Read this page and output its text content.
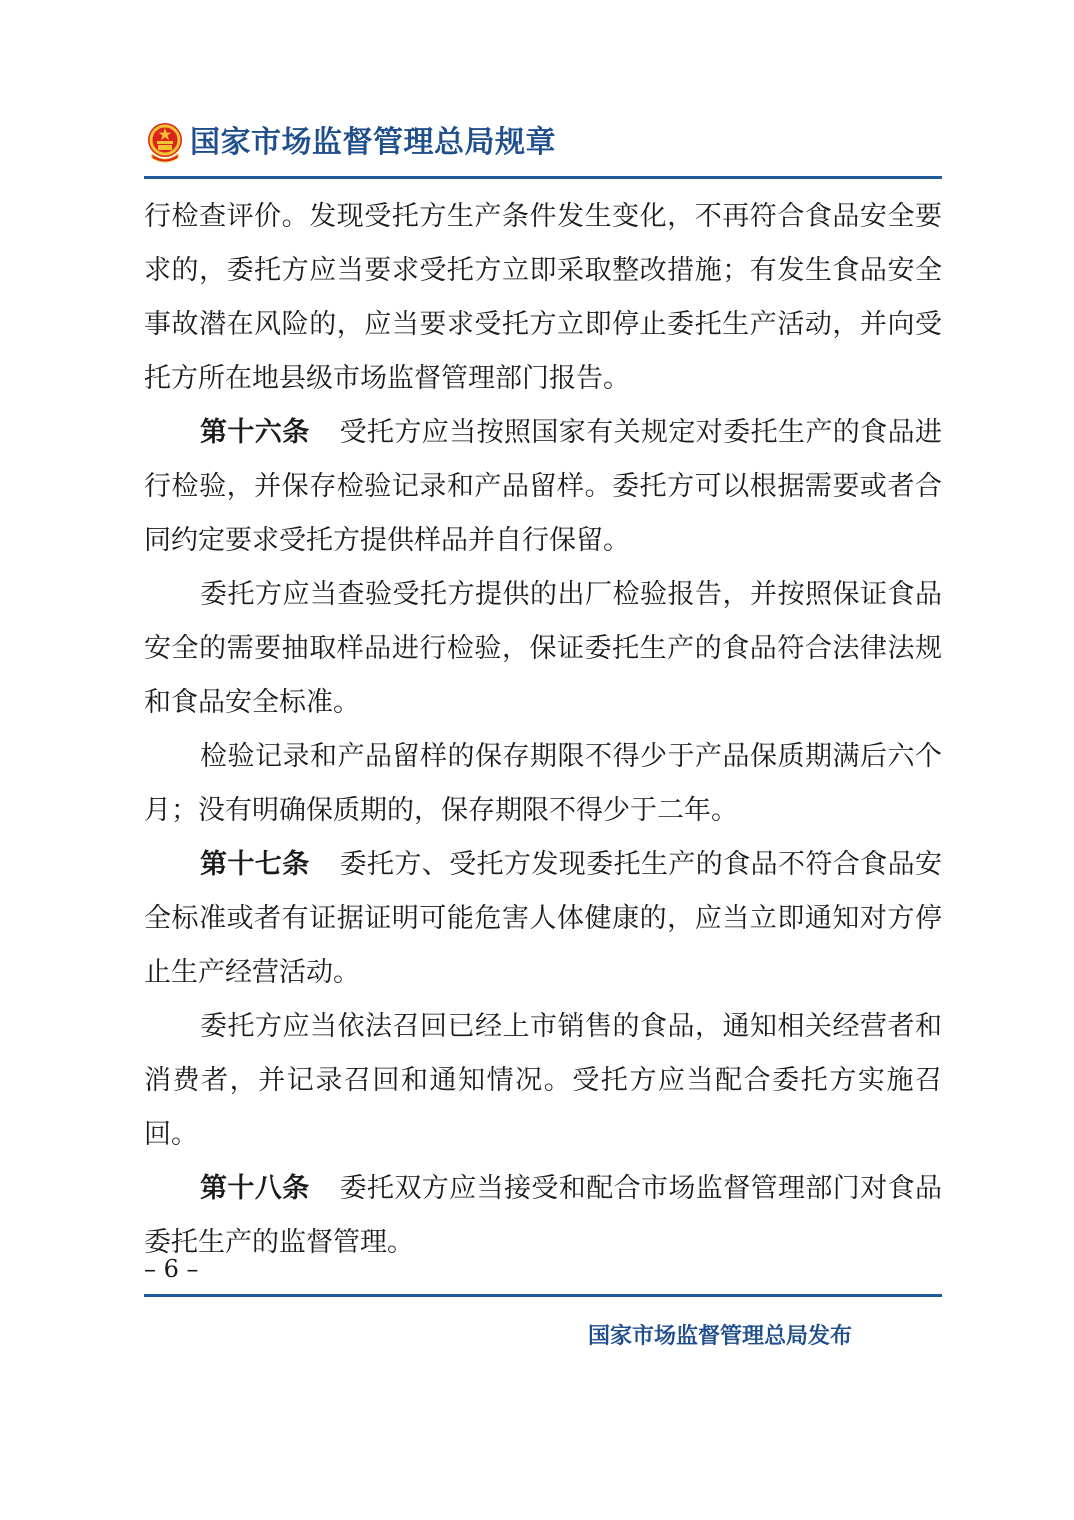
国家市场监督管理总局规章

行检查评价。发现受托方生产条件发生变化，不再符合食品安全要求的，委托方应当要求受托方立即采取整改措施；有发生食品安全事故潜在风险的，应当要求受托方立即停止委托生产活动，并向受托方所在地县级市场监督管理部门报告。

第十六条 受托方应当按照国家有关规定对委托生产的食品进行检验，并保存检验记录和产品留样。委托方可以根据需要或者合同约定要求受托方提供样品并自行保留。

委托方应当查验受托方提供的出厂检验报告，并按照保证食品安全的需要抽取样品进行检验，保证委托生产的食品符合法律法规和食品安全标准。

检验记录和产品留样的保存期限不得少于产品保质期满后六个月；没有明确保质期的，保存期限不得少于二年。

第十七条 委托方、受托方发现委托生产的食品不符合食品安全标准或者有证据证明可能危害人体健康的，应当立即通知对方停止生产经营活动。

委托方应当依法召回已经上市销售的食品，通知相关经营者和消费者，并记录召回和通知情况。受托方应当配合委托方实施召回。

第十八条 委托双方应当接受和配合市场监督管理部门对食品委托生产的监督管理。

– 6 –
国家市场监督管理总局发布
